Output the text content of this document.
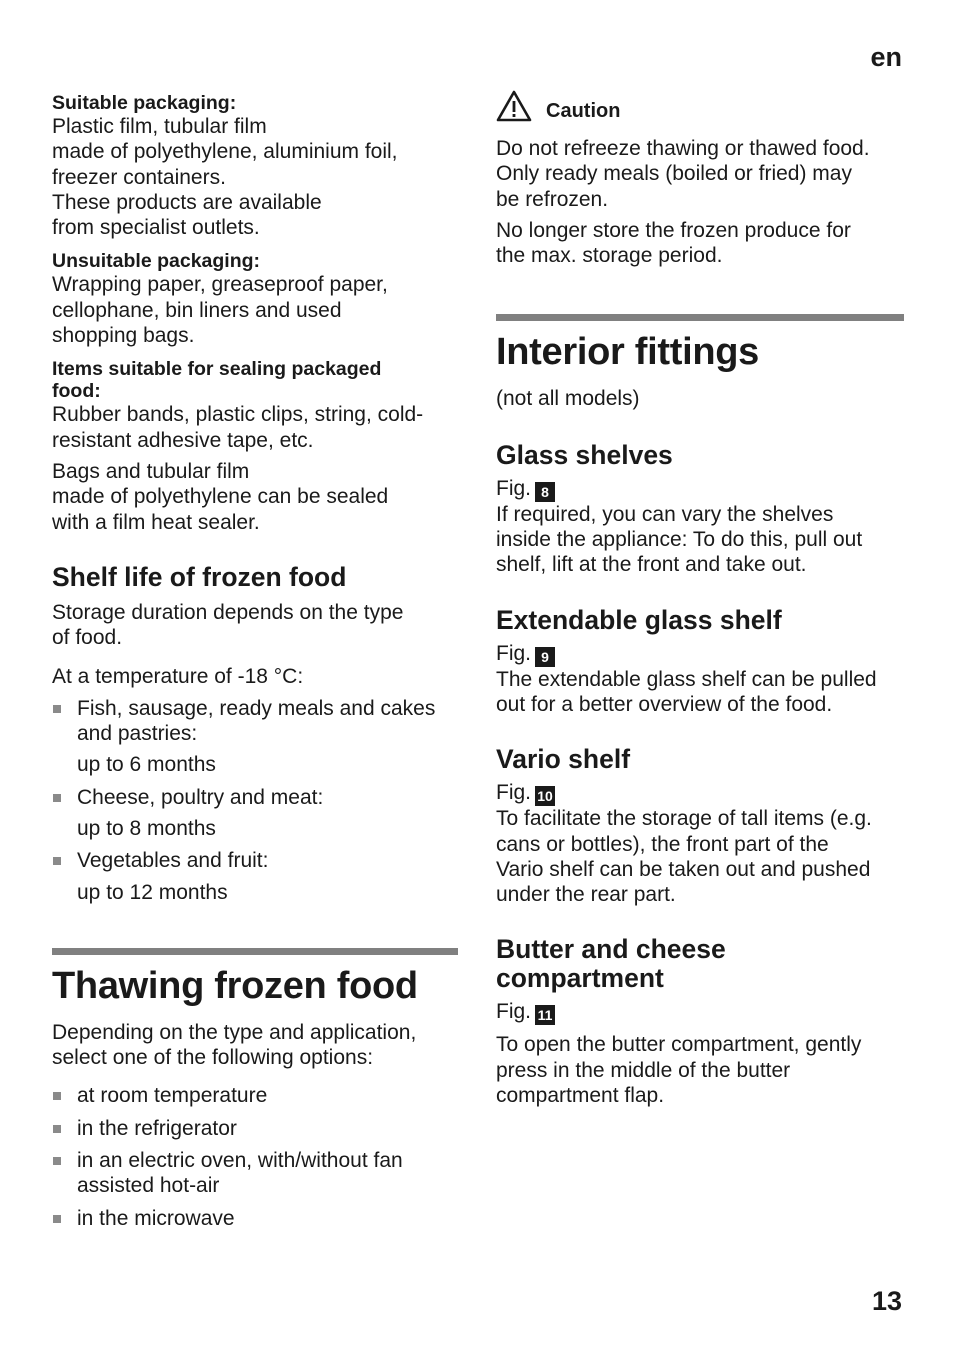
en
Suitable packaging:

Plastic film, tubular film

made of polyethylene, aluminium foil,

freezer containers.

These products are available

from specialist outlets.

Unsuitable packaging:

Wrapping paper, greaseproof paper,

cellophane, bin liners and used

shopping bags.

Items suitable for sealing packaged
food:

Rubber bands, plastic clips, string, cold-

resistant adhesive tape, etc.

Bags and tubular film

made of polyethylene can be sealed

with a film heat sealer.

Shelf life of frozen food

Storage duration depends on the type

of food.

At a temperature of -18 °C:

Fish, sausage, ready meals and cakes
and pastries:

up to 6 months

Cheese, poultry and meat:

up to 8 months

Vegetables and fruit:

up to 12 months

Thawing frozen food

Depending on the type and application,

select one of the following options:

at room temperature
in the refrigerator
in an electric oven, with/without fan
assisted hot-air
in the microwave
Caution

Do not refreeze thawing or thawed food.

Only ready meals (boiled or fried) may

be refrozen.

No longer store the frozen produce for

the max. storage period.

Interior fittings

(not all models)

Glass shelves

Fig. 8

If required, you can vary the shelves

inside the appliance: To do this, pull out

shelf, lift at the front and take out.

Extendable glass shelf

Fig. 9

The extendable glass shelf can be pulled

out for a better overview of the food.

Vario shelf

Fig. 10

To facilitate the storage of tall items (e.g.

cans or bottles), the front part of the

Vario shelf can be taken out and pushed

under the rear part.

Butter and cheese
compartment

Fig. 11

To open the butter compartment, gently

press in the middle of the butter

compartment flap.

13
